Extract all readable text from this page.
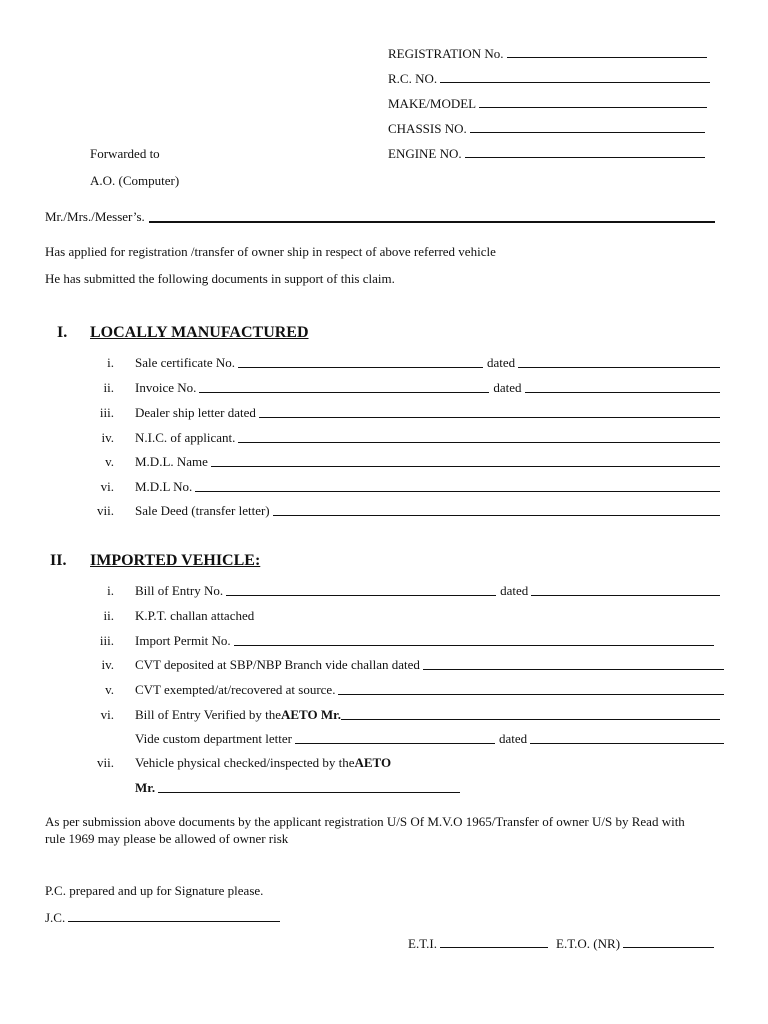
REGISTRATION No.
R.C. NO.
MAKE/MODEL
CHASSIS NO.
ENGINE NO.
Forwarded to
A.O. (Computer)
Mr./Mrs./Messer’s.
Has applied for registration /transfer of owner ship in respect of above referred vehicle
He has submitted the following documents in support of this claim.
I. LOCALLY MANUFACTURED
i. Sale certificate No.	dated
ii. Invoice No.	dated
iii. Dealer ship letter dated
iv. N.I.C. of applicant.
v. M.D.L. Name
vi. M.D.L No.
vii. Sale Deed (transfer letter)
II. IMPORTED VEHICLE:
i. Bill of Entry No.	dated
ii. K.P.T. challan attached
iii. Import Permit No.
iv. CVT deposited at SBP/NBP Branch vide challan dated
v. CVT exempted/at/recovered at source.
vi. Bill of Entry Verified by the AETO Mr.
Vide custom department letter	dated
vii. Vehicle physical checked/inspected by the AETO
Mr.
As per submission above documents by the applicant registration U/S Of M.V.O 1965/Transfer of owner U/S by Read with
rule 1969 may please be allowed of owner risk
P.C. prepared and up for Signature please.
J.C.
E.T.I.	E.T.O. (NR)
